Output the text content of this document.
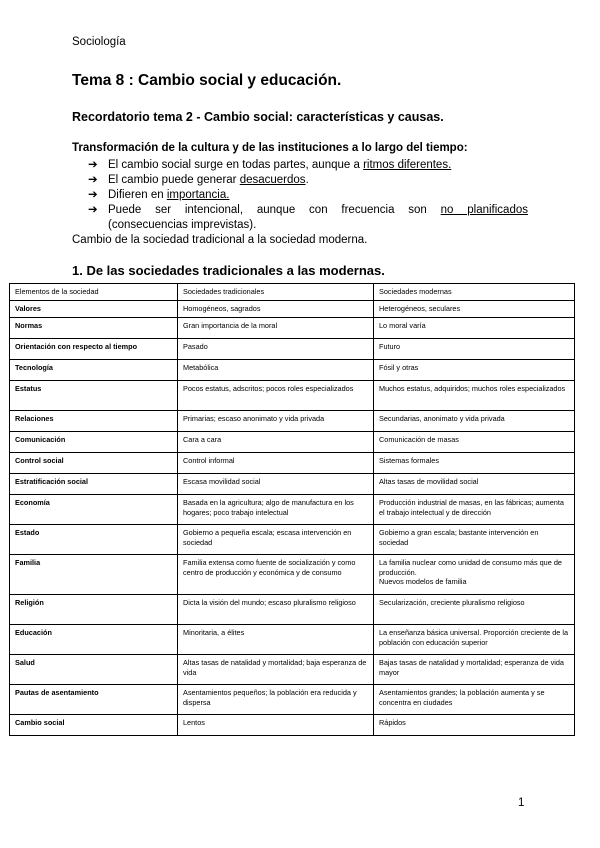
Sociología
Tema 8 : Cambio social y educación.
Recordatorio tema 2 - Cambio social: características y causas.
Transformación de la cultura y de las instituciones a lo largo del tiempo:
➔ El cambio social surge en todas partes, aunque a ritmos diferentes.
➔ El cambio puede generar desacuerdos.
➔ Difieren en importancia.
➔ Puede ser intencional, aunque con frecuencia son no planificados
(consecuencias imprevistas).
Cambio de la sociedad tradicional a la sociedad moderna.
1. De las sociedades tradicionales a las modernas.
Elementos de la sociedad	Sociedades tradicionales	Sociedades modernas
Valores	Homogéneos, sagrados	Heterogéneos, seculares
Normas	Gran importancia de la moral	Lo moral varía
Orientación con respecto al tiempo	Pasado	Futuro
Tecnología	Metabólica	Fósil y otras
Estatus	Pocos estatus, adscritos; pocos roles especializados	Muchos estatus, adquiridos; muchos roles especializados
Relaciones	Primarias; escaso anonimato y vida privada	Secundarias, anonimato y vida privada
Comunicación	Cara a cara	Comunicación de masas
Control social	Control informal	Sistemas formales
Estratificación social	Escasa movilidad social	Altas tasas de movilidad social
Economía	Basada en la agricultura; algo de manufactura en los hogares; poco trabajo intelectual	Producción industrial de masas, en las fábricas; aumenta el trabajo intelectual y de dirección
Estado	Gobierno a pequeña escala; escasa intervención en sociedad	Gobierno a gran escala; bastante intervención en sociedad
Familia	Familia extensa como fuente de socialización y como centro de producción y económica y de consumo	La familia nuclear como unidad de consumo más que de producción.
Nuevos modelos de familia
Religión	Dicta la visión del mundo; escaso pluralismo religioso	Secularización, creciente pluralismo religioso
Educación	Minoritaria, a élites	La enseñanza básica universal. Proporción creciente de la población con educación superior
Salud	Altas tasas de natalidad y mortalidad; baja esperanza de vida	Bajas tasas de natalidad y mortalidad; esperanza de vida mayor
Pautas de asentamiento	Asentamientos pequeños; la población era reducida y dispersa	Asentamientos grandes; la población aumenta y se concentra en ciudades
Cambio social	Lentos	Rápidos
1
